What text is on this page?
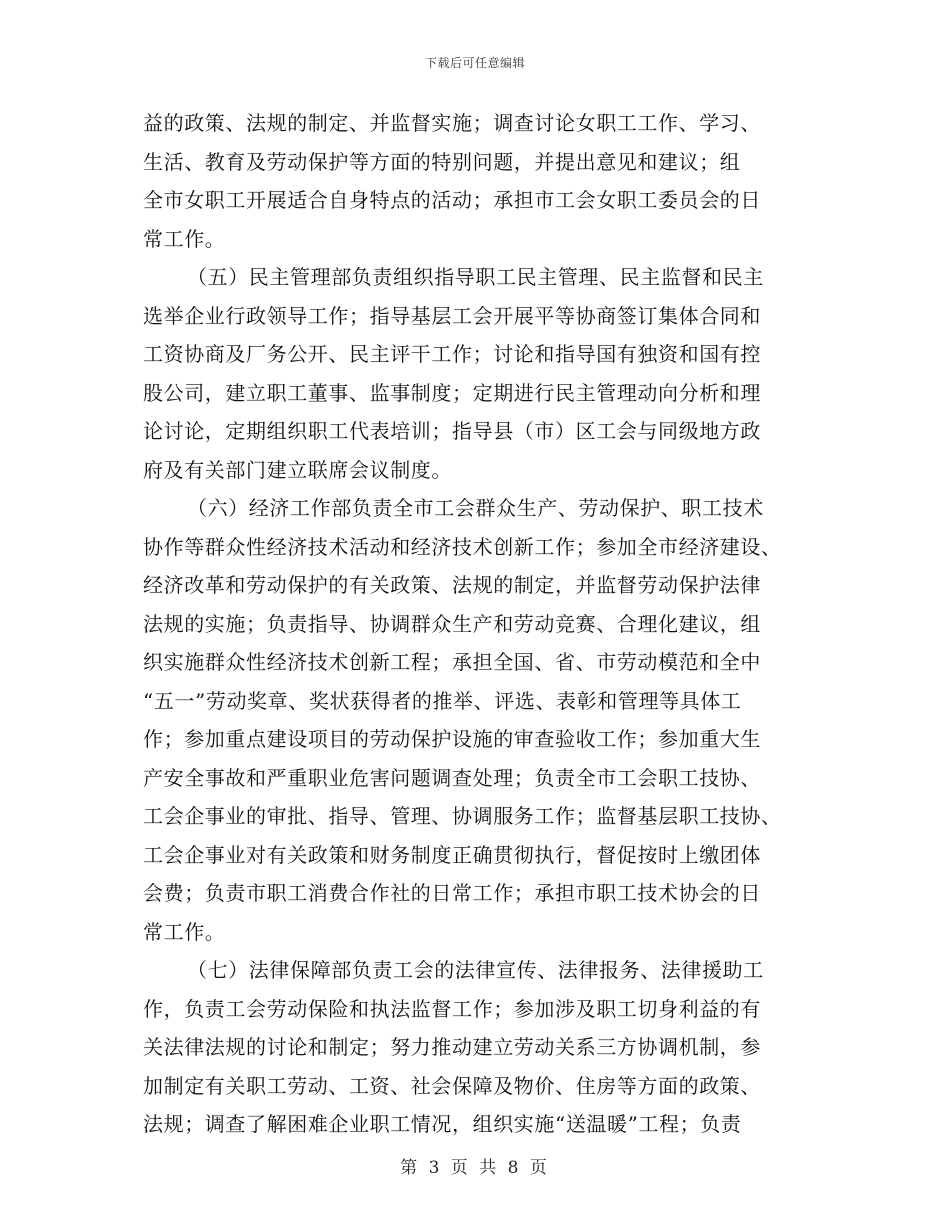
下载后可任意编辑
益的政策、法规的制定、并监督实施；调查讨论女职工工作、学习、
生活、教育及劳动保护等方面的特别问题，并提出意见和建议；组
全市女职工开展适合自身特点的活动；承担市工会女职工委员会的日
常工作。
（五）民主管理部负责组织指导职工民主管理、民主监督和民主
选举企业行政领导工作；指导基层工会开展平等协商签订集体合同和
工资协商及厂务公开、民主评干工作；讨论和指导国有独资和国有控
股公司，建立职工董事、监事制度；定期进行民主管理动向分析和理
论讨论，定期组织职工代表培训；指导县（市）区工会与同级地方政
府及有关部门建立联席会议制度。
（六）经济工作部负责全市工会群众生产、劳动保护、职工技术
协作等群众性经济技术活动和经济技术创新工作；参加全市经济建设、
经济改革和劳动保护的有关政策、法规的制定，并监督劳动保护法律
法规的实施；负责指导、协调群众生产和劳动竞赛、合理化建议，组
织实施群众性经济技术创新工程；承担全国、省、市劳动模范和全中
“五一”劳动奖章、奖状获得者的推举、评选、表彰和管理等具体工
作；参加重点建设项目的劳动保护设施的审查验收工作；参加重大生
产安全事故和严重职业危害问题调查处理；负责全市工会职工技协、
工会企事业的审批、指导、管理、协调服务工作；监督基层职工技协、
工会企事业对有关政策和财务制度正确贯彻执行，督促按时上缴团体
会费；负责市职工消费合作社的日常工作；承担市职工技术协会的日
常工作。
（七）法律保障部负责工会的法律宣传、法律报务、法律援助工
作，负责工会劳动保险和执法监督工作；参加涉及职工切身利益的有
关法律法规的讨论和制定；努力推动建立劳动关系三方协调机制，参
加制定有关职工劳动、工资、社会保障及物价、住房等方面的政策、
法规；调查了解困难企业职工情况，组织实施“送温暖”工程；负责
第 3 页 共 8 页
